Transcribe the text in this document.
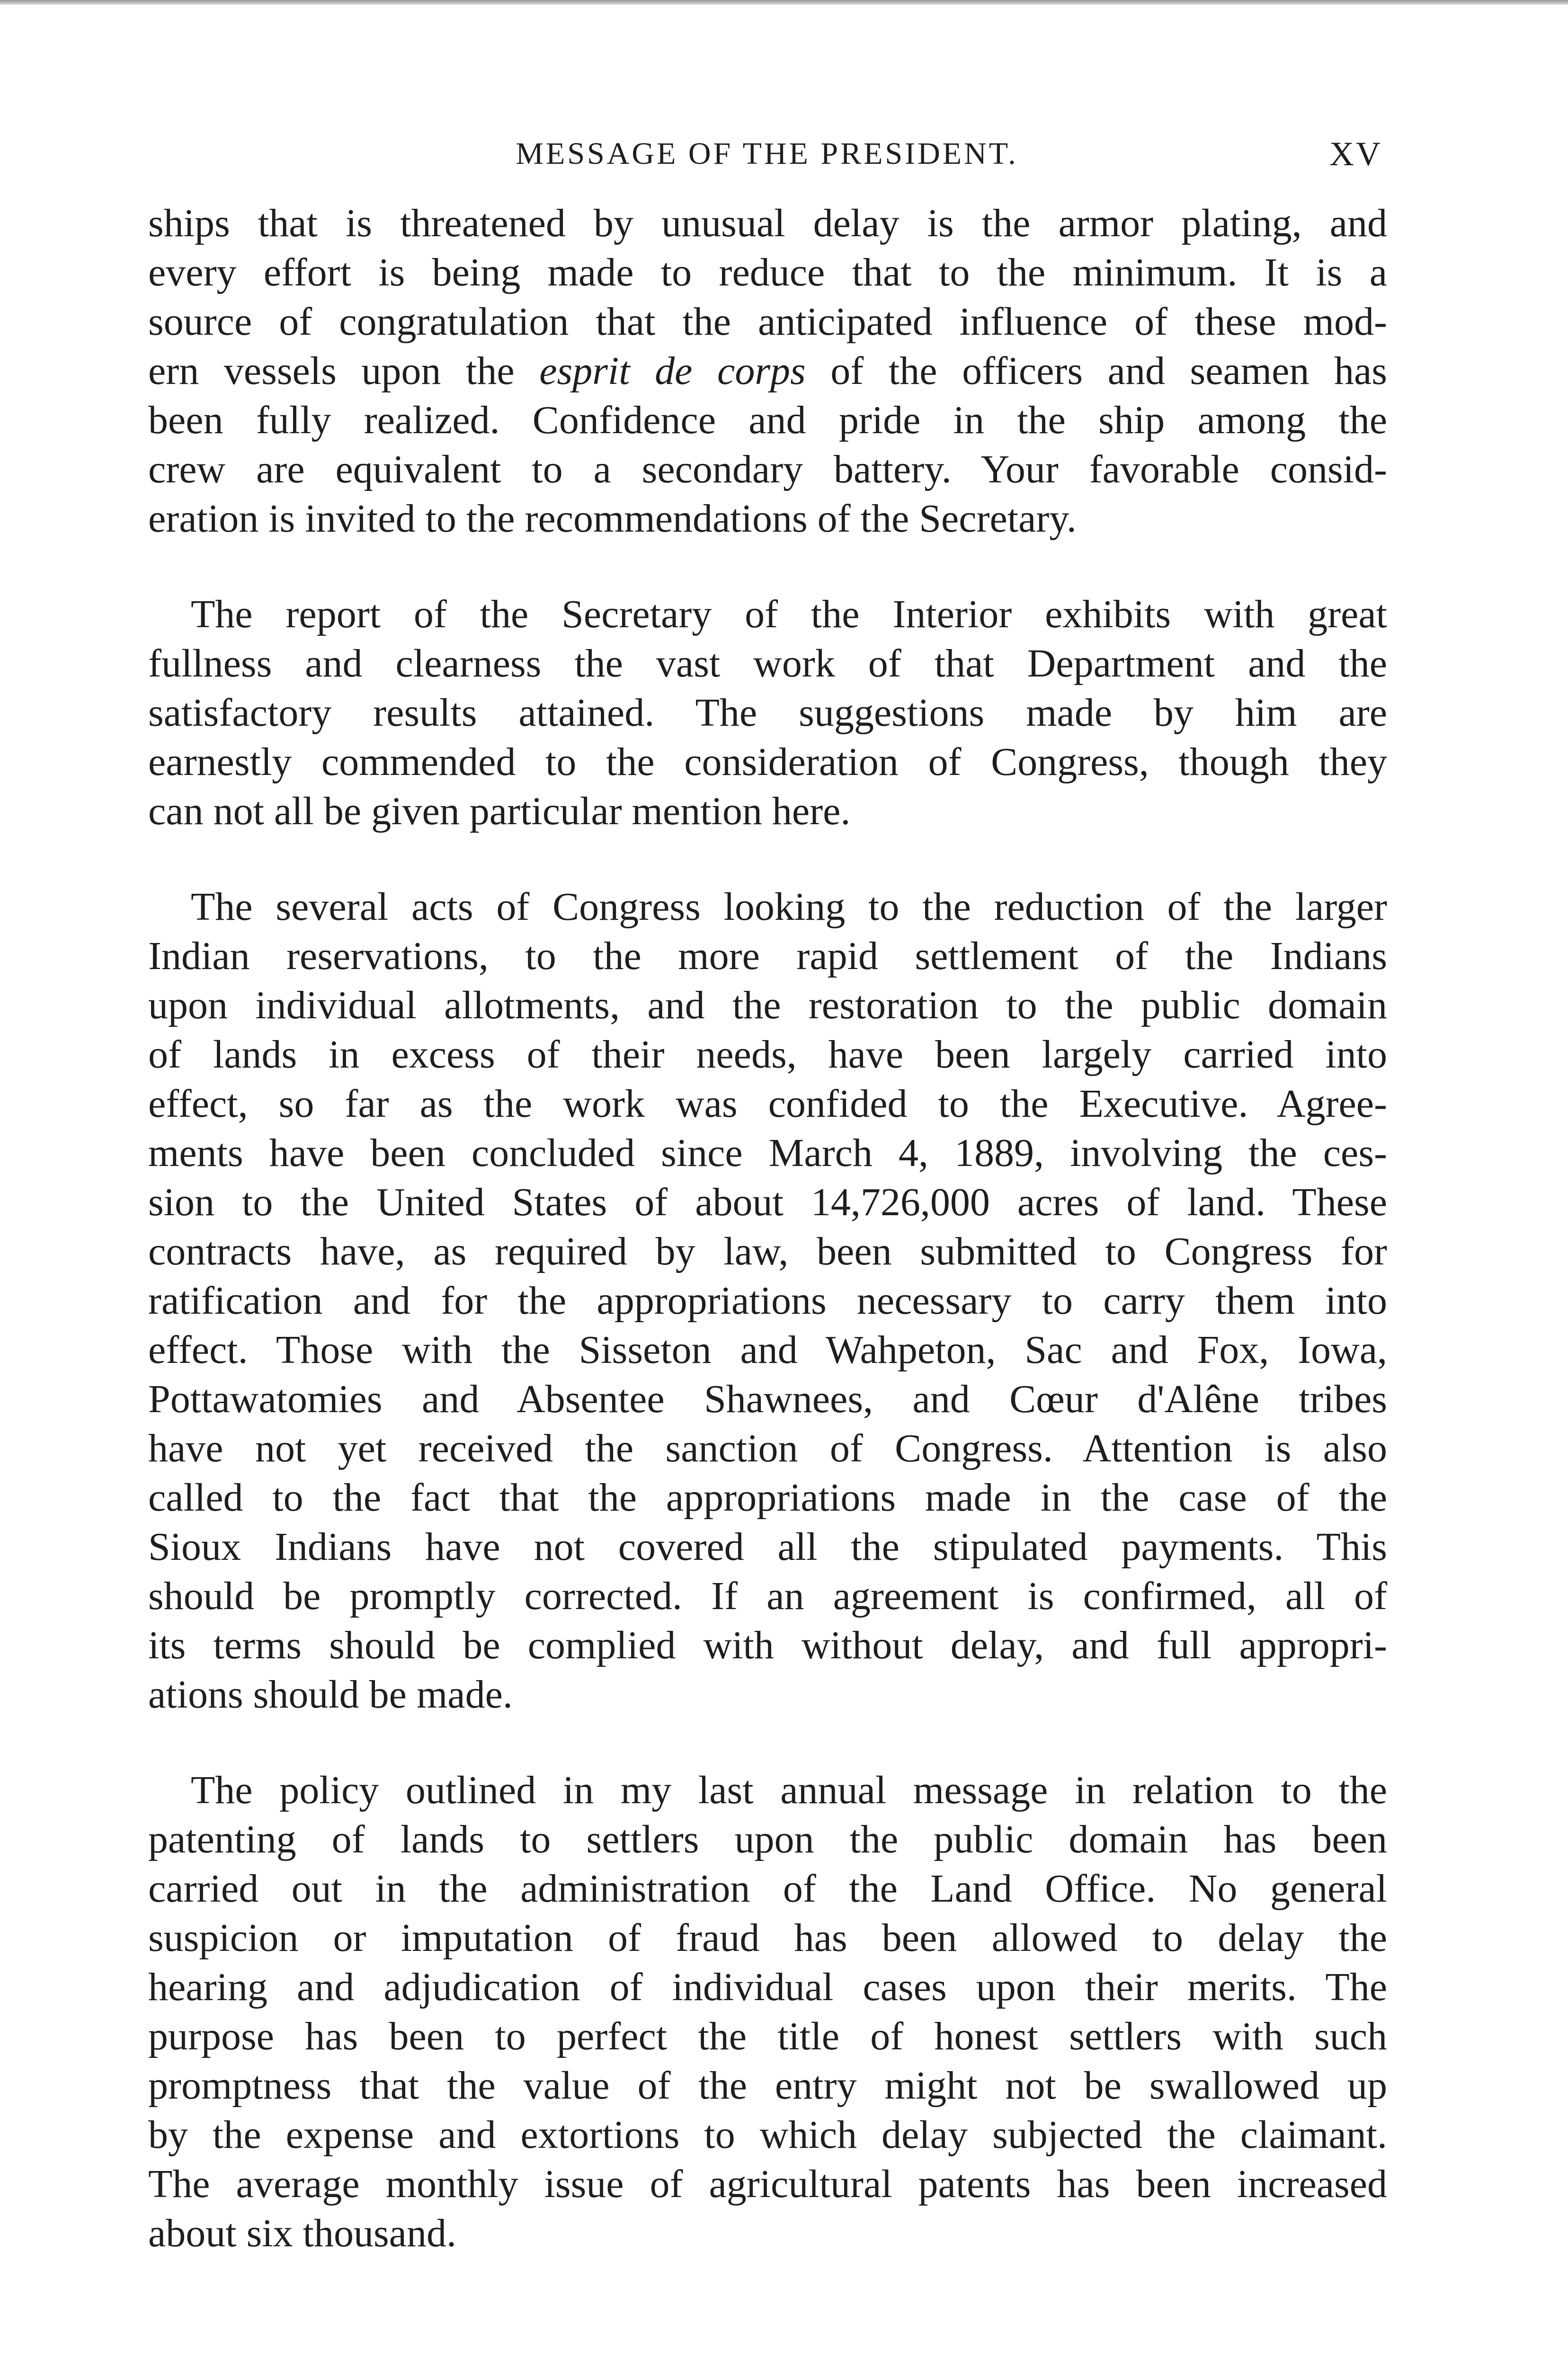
MESSAGE OF THE PRESIDENT.	XV
ships that is threatened by unusual delay is the armor plating, and
every effort is being made to reduce that to the minimum. It is a
source of congratulation that the anticipated influence of these mod-
ern vessels upon the esprit de corps of the officers and seamen has
been fully realized. Confidence and pride in the ship among the
crew are equivalent to a secondary battery. Your favorable consid-
eration is invited to the recommendations of the Secretary.
The report of the Secretary of the Interior exhibits with great
fullness and clearness the vast work of that Department and the
satisfactory results attained. The suggestions made by him are
earnestly commended to the consideration of Congress, though they
can not all be given particular mention here.
The several acts of Congress looking to the reduction of the larger
Indian reservations, to the more rapid settlement of the Indians
upon individual allotments, and the restoration to the public domain
of lands in excess of their needs, have been largely carried into
effect, so far as the work was confided to the Executive. Agree-
ments have been concluded since March 4, 1889, involving the ces-
sion to the United States of about 14,726,000 acres of land. These
contracts have, as required by law, been submitted to Congress for
ratification and for the appropriations necessary to carry them into
effect. Those with the Sisseton and Wahpeton, Sac and Fox, Iowa,
Pottawatomies and Absentee Shawnees, and Cœur d'Alêne tribes
have not yet received the sanction of Congress. Attention is also
called to the fact that the appropriations made in the case of the
Sioux Indians have not covered all the stipulated payments. This
should be promptly corrected. If an agreement is confirmed, all of
its terms should be complied with without delay, and full appropri-
ations should be made.
The policy outlined in my last annual message in relation to the
patenting of lands to settlers upon the public domain has been
carried out in the administration of the Land Office. No general
suspicion or imputation of fraud has been allowed to delay the
hearing and adjudication of individual cases upon their merits. The
purpose has been to perfect the title of honest settlers with such
promptness that the value of the entry might not be swallowed up
by the expense and extortions to which delay subjected the claimant.
The average monthly issue of agricultural patents has been increased
about six thousand.
